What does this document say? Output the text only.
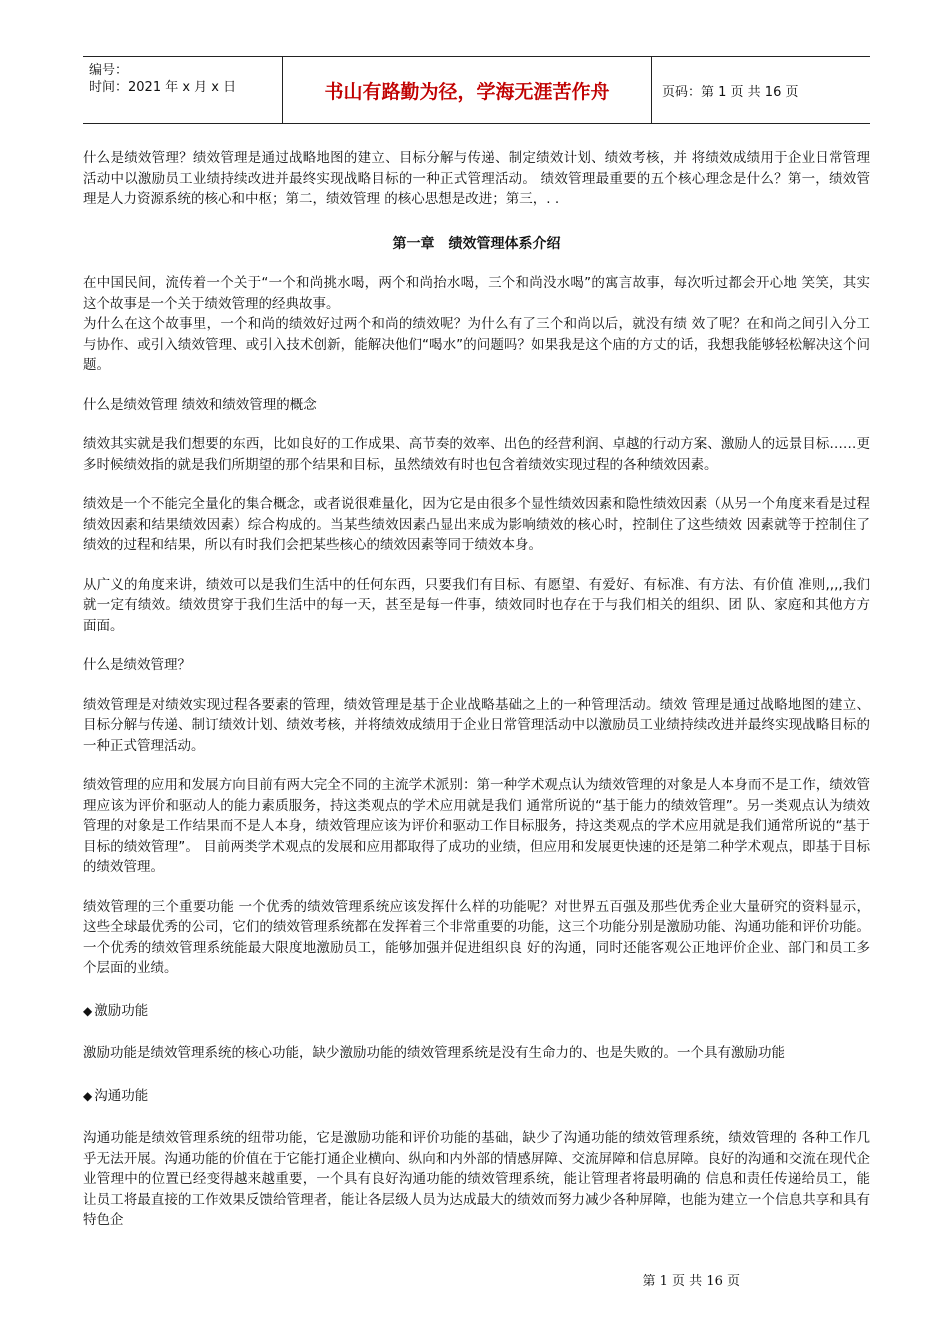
编号：
时间：2021 年 x 月 x 日	书山有路勤为径，学海无涯苦作舟	页码：第 1 页 共 16 页

什么是绩效管理？绩效管理是通过战略地图的建立、目标分解与传递、制定绩效计划、绩效考核，并 将绩效成绩用于企业日常管理活动中以激励员工业绩持续改进并最终实现战略目标的一种正式管理活动。 绩效管理最重要的五个核心理念是什么？第一，绩效管理是人力资源系统的核心和中枢；第二，绩效管理 的核心思想是改进；第三，. .

第一章　绩效管理体系介绍

在中国民间，流传着一个关于“一个和尚挑水喝，两个和尚抬水喝，三个和尚没水喝”的寓言故事，每次听过都会开心地 笑笑，其实这个故事是一个关于绩效管理的经典故事。

为什么在这个故事里，一个和尚的绩效好过两个和尚的绩效呢？为什么有了三个和尚以后，就没有绩 效了呢？在和尚之间引入分工与协作、或引入绩效管理、或引入技术创新，能解决他们“喝水”的问题吗？如果我是这个庙的方丈的话，我想我能够轻松解决这个问题。

什么是绩效管理 绩效和绩效管理的概念

绩效其实就是我们想要的东西，比如良好的工作成果、高节奏的效率、出色的经营利润、卓越的行动方案、激励人的远景目标……更多时候绩效指的就是我们所期望的那个结果和目标，虽然绩效有时也包含着绩效实现过程的各种绩效因素。

绩效是一个不能完全量化的集合概念，或者说很难量化，因为它是由很多个显性绩效因素和隐性绩效因素（从另一个角度来看是过程绩效因素和结果绩效因素）综合构成的。当某些绩效因素凸显出来成为影响绩效的核心时，控制住了这些绩效 因素就等于控制住了绩效的过程和结果，所以有时我们会把某些核心的绩效因素等同于绩效本身。

从广义的角度来讲，绩效可以是我们生活中的任何东西，只要我们有目标、有愿望、有爱好、有标准、有方法、有价值 准则,,,,我们就一定有绩效。绩效贯穿于我们生活中的每一天，甚至是每一件事，绩效同时也存在于与我们相关的组织、团 队、家庭和其他方方面面。

什么是绩效管理？

绩效管理是对绩效实现过程各要素的管理，绩效管理是基于企业战略基础之上的一种管理活动。绩效 管理是通过战略地图的建立、目标分解与传递、制订绩效计划、绩效考核，并将绩效成绩用于企业日常管理活动中以激励员工业绩持续改进并最终实现战略目标的一种正式管理活动。

绩效管理的应用和发展方向目前有两大完全不同的主流学术派别：第一种学术观点认为绩效管理的对象是人本身而不是工作，绩效管理应该为评价和驱动人的能力素质服务，持这类观点的学术应用就是我们 通常所说的“基于能力的绩效管理”。另一类观点认为绩效管理的对象是工作结果而不是人本身，绩效管理应该为评价和驱动工作目标服务，持这类观点的学术应用就是我们通常所说的“基于目标的绩效管理”。 目前两类学术观点的发展和应用都取得了成功的业绩，但应用和发展更快速的还是第二种学术观点，即基于目标的绩效管理。

绩效管理的三个重要功能 一个优秀的绩效管理系统应该发挥什么样的功能呢？对世界五百强及那些优秀企业大量研究的资料显示，这些全球最优秀的公司，它们的绩效管理系统都在发挥着三个非常重要的功能，这三个功能分别是激励功能、沟通功能和评价功能。一个优秀的绩效管理系统能最大限度地激励员工，能够加强并促进组织良 好的沟通，同时还能客观公正地评价企业、部门和员工多个层面的业绩。

◆ 激励功能

激励功能是绩效管理系统的核心功能，缺少激励功能的绩效管理系统是没有生命力的、也是失败的。一个具有激励功能

◆ 沟通功能

沟通功能是绩效管理系统的纽带功能，它是激励功能和评价功能的基础，缺少了沟通功能的绩效管理系统，绩效管理的 各种工作几乎无法开展。沟通功能的价值在于它能打通企业横向、纵向和内外部的情感屏障、交流屏障和信息屏障。良好的沟通和交流在现代企业管理中的位置已经变得越来越重要，一个具有良好沟通功能的绩效管理系统，能让管理者将最明确的 信息和责任传递给员工，能让员工将最直接的工作效果反馈给管理者，能让各层级人员为达成最大的绩效而努力减少各种屏障，也能为建立一个信息共享和具有特色企

第 1 页 共 16 页
